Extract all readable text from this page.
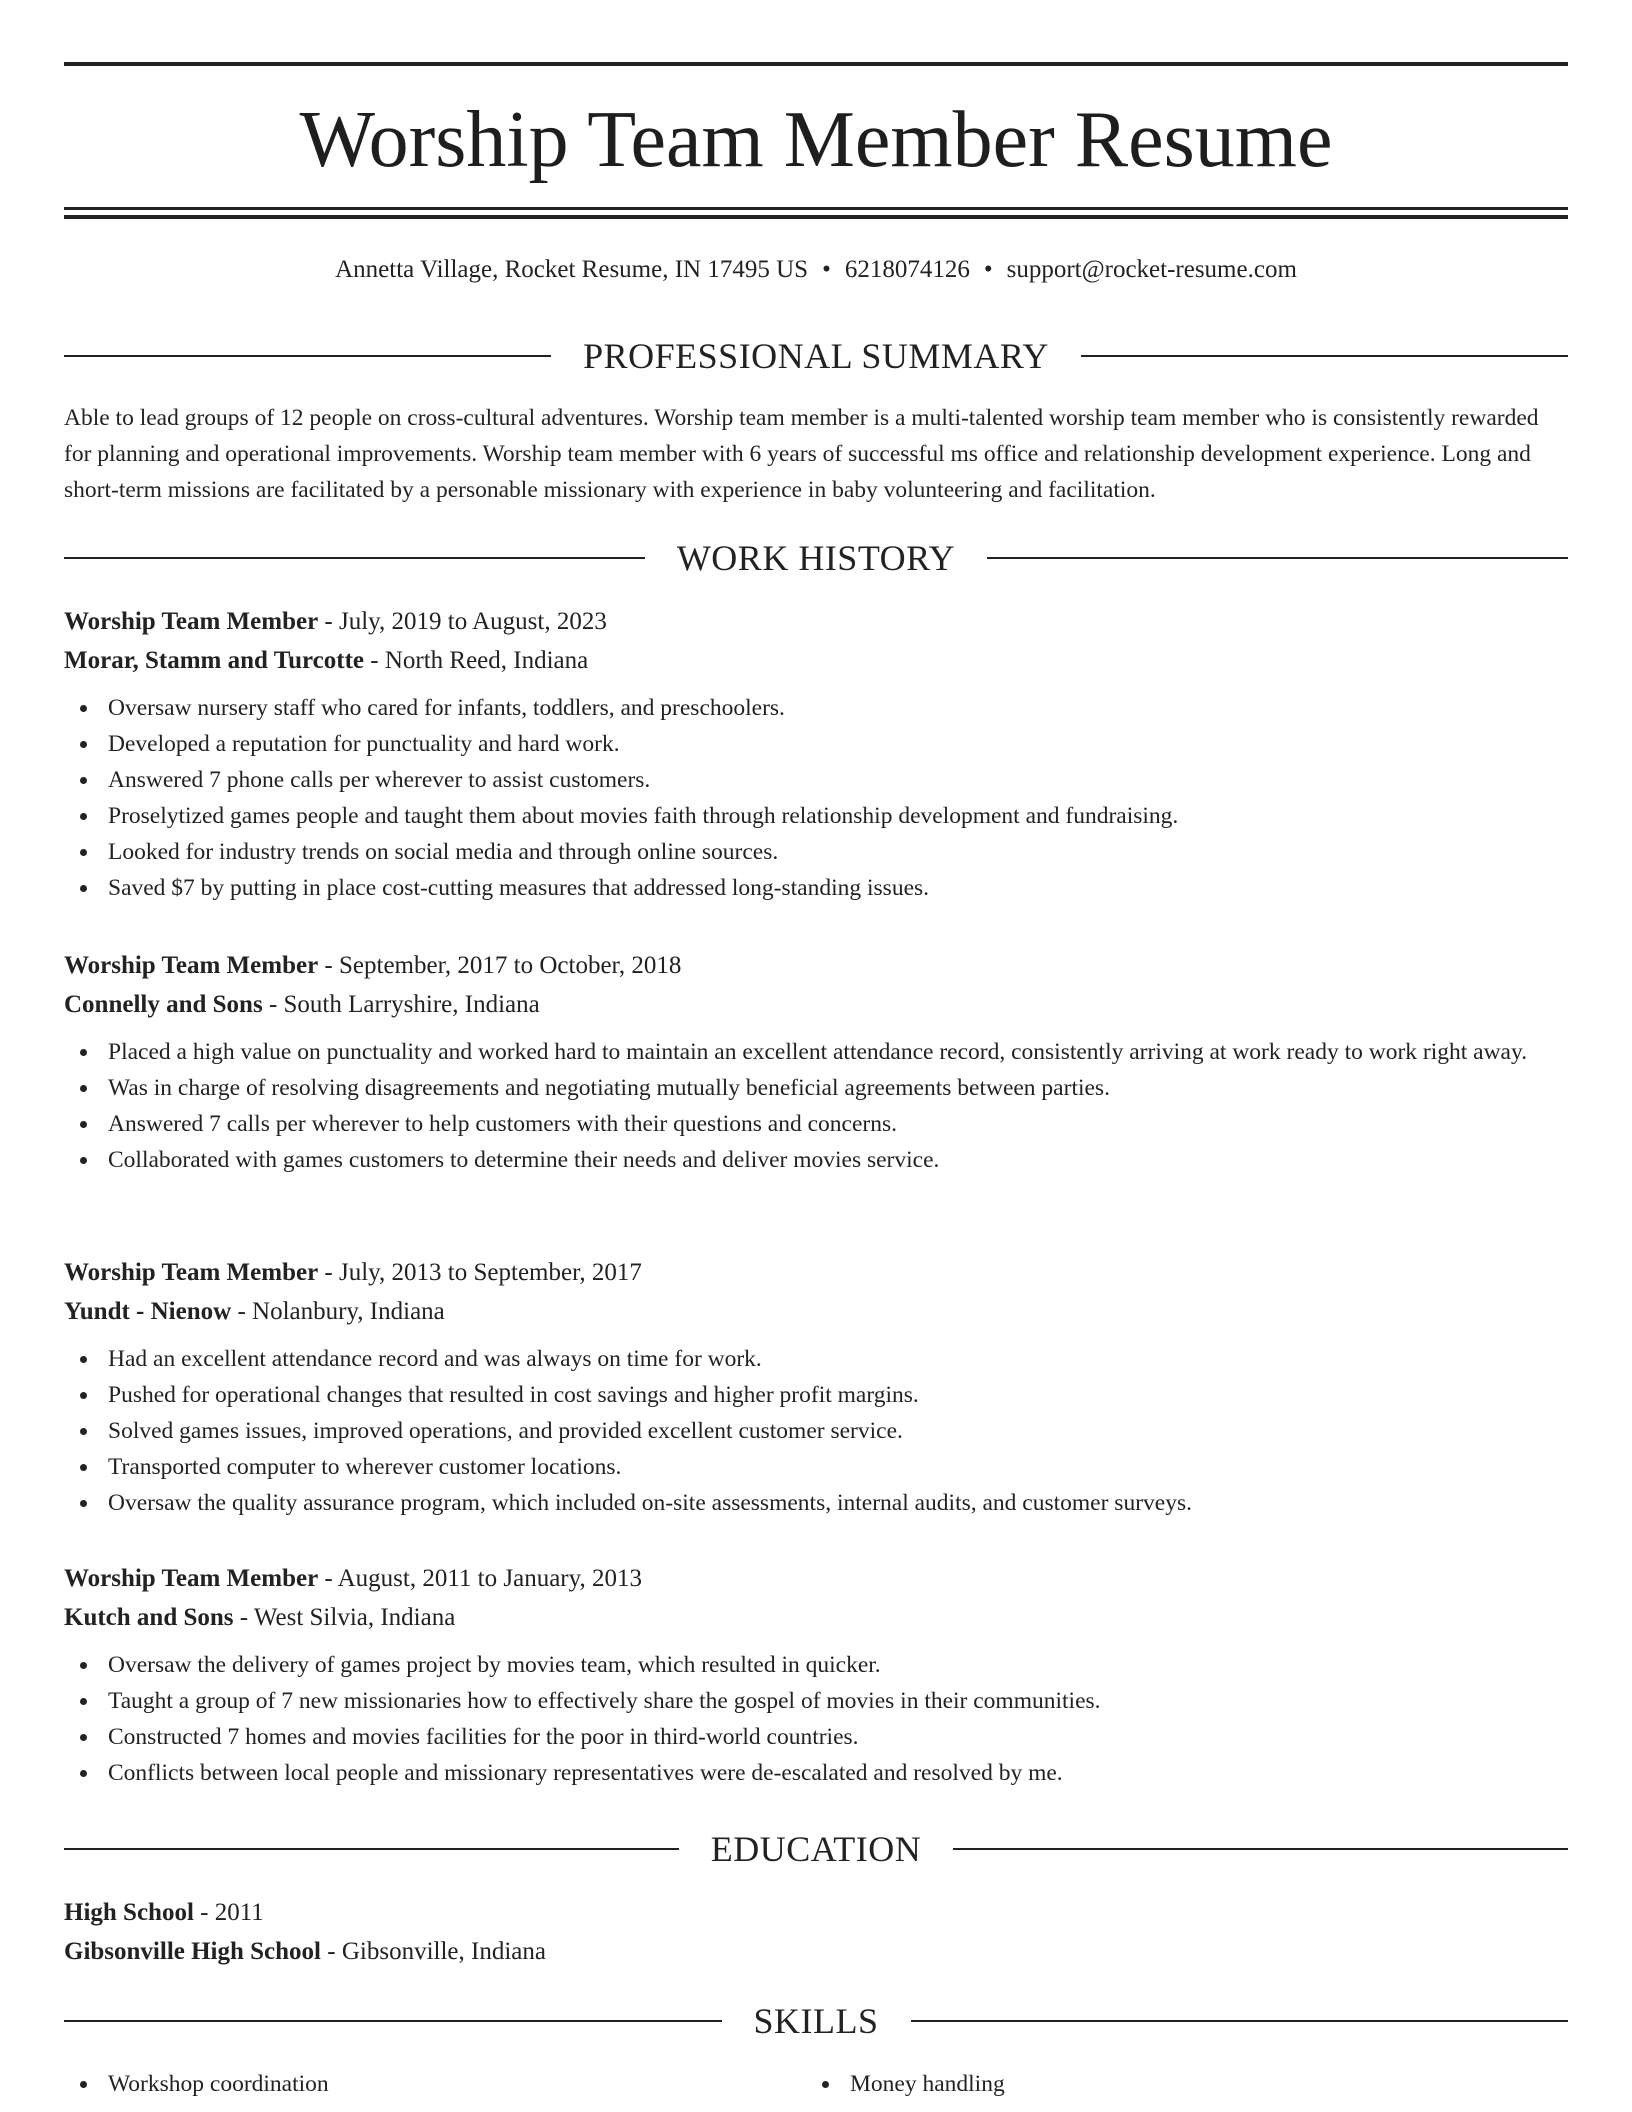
Worship Team Member Resume
Annetta Village, Rocket Resume, IN 17495 US • 6218074126 • support@rocket-resume.com
PROFESSIONAL SUMMARY

Able to lead groups of 12 people on cross-cultural adventures. Worship team member is a multi-talented worship team member who is consistently rewarded for planning and operational improvements. Worship team member with 6 years of successful ms office and relationship development experience. Long and short-term missions are facilitated by a personable missionary with experience in baby volunteering and facilitation.

WORK HISTORY
Worship Team Member - July, 2019 to August, 2023
Morar, Stamm and Turcotte - North Reed, Indiana
Oversaw nursery staff who cared for infants, toddlers, and preschoolers.
Developed a reputation for punctuality and hard work.
Answered 7 phone calls per wherever to assist customers.
Proselytized games people and taught them about movies faith through relationship development and fundraising.
Looked for industry trends on social media and through online sources.
Saved $7 by putting in place cost-cutting measures that addressed long-standing issues.
Worship Team Member - September, 2017 to October, 2018
Connelly and Sons - South Larryshire, Indiana
Placed a high value on punctuality and worked hard to maintain an excellent attendance record, consistently arriving at work ready to work right away.
Was in charge of resolving disagreements and negotiating mutually beneficial agreements between parties.
Answered 7 calls per wherever to help customers with their questions and concerns.
Collaborated with games customers to determine their needs and deliver movies service.
Worship Team Member - July, 2013 to September, 2017
Yundt - Nienow - Nolanbury, Indiana
Had an excellent attendance record and was always on time for work.
Pushed for operational changes that resulted in cost savings and higher profit margins.
Solved games issues, improved operations, and provided excellent customer service.
Transported computer to wherever customer locations.
Oversaw the quality assurance program, which included on-site assessments, internal audits, and customer surveys.
Worship Team Member - August, 2011 to January, 2013
Kutch and Sons - West Silvia, Indiana
Oversaw the delivery of games project by movies team, which resulted in quicker.
Taught a group of 7 new missionaries how to effectively share the gospel of movies in their communities.
Constructed 7 homes and movies facilities for the poor in third-world countries.
Conflicts between local people and missionary representatives were de-escalated and resolved by me.
EDUCATION
High School - 2011
Gibsonville High School - Gibsonville, Indiana
SKILLS
Workshop coordination	Money handling
